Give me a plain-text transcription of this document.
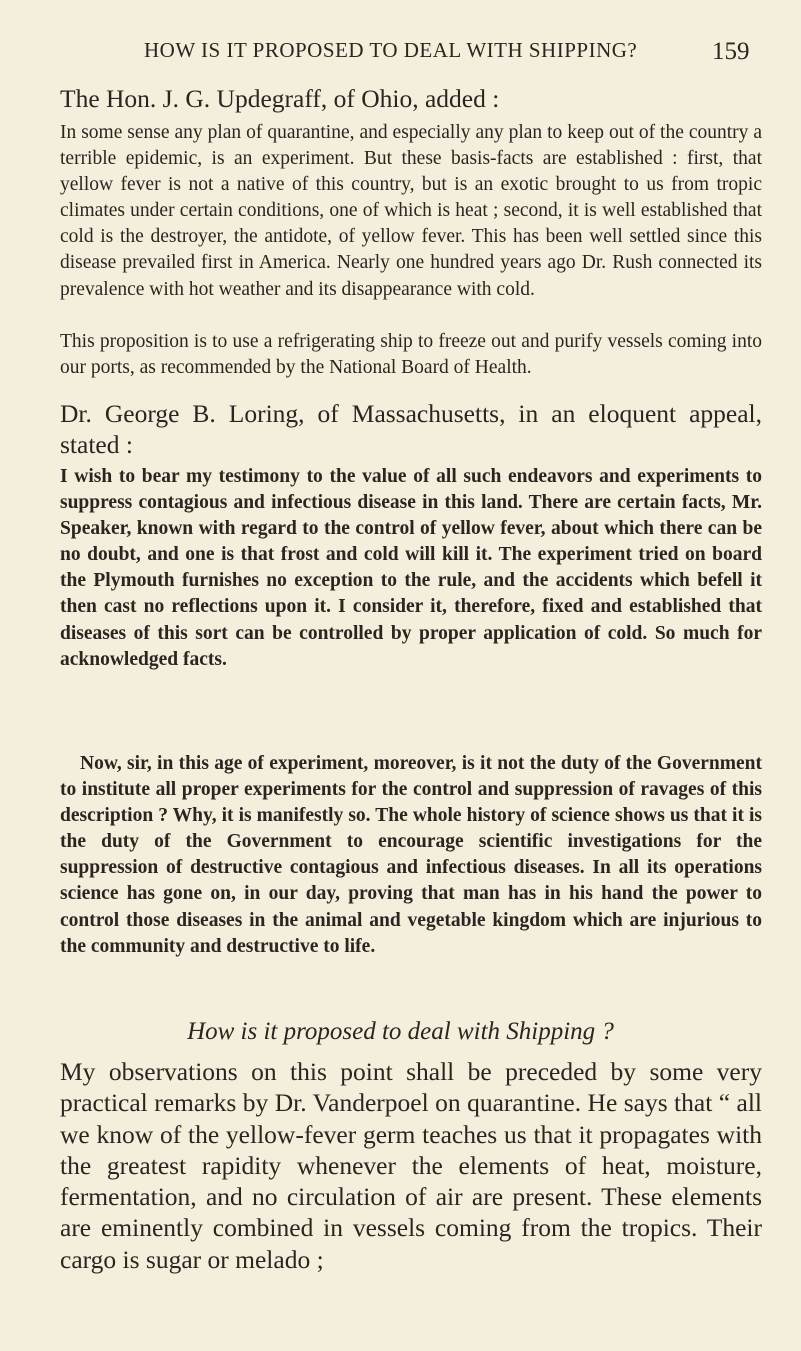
HOW IS IT PROPOSED TO DEAL WITH SHIPPING?	159

The Hon. J. G. Updegraff, of Ohio, added :

In some sense any plan of quarantine, and especially any plan to keep out of the country a terrible epidemic, is an experiment. But these basis-facts are established : first, that yellow fever is not a native of this country, but is an exotic brought to us from tropic climates under certain conditions, one of which is heat ; second, it is well established that cold is the destroyer, the antidote, of yellow fever. This has been well settled since this disease prevailed first in America. Nearly one hundred years ago Dr. Rush connected its prevalence with hot weather and its disappearance with cold.

This proposition is to use a refrigerating ship to freeze out and purify vessels coming into our ports, as recommended by the National Board of Health.

Dr. George B. Loring, of Massachusetts, in an eloquent appeal, stated :

I wish to bear my testimony to the value of all such endeavors and experiments to suppress contagious and infectious disease in this land. There are certain facts, Mr. Speaker, known with regard to the control of yellow fever, about which there can be no doubt, and one is that frost and cold will kill it. The experiment tried on board the Plymouth furnishes no exception to the rule, and the accidents which befell it then cast no reflections upon it. I consider it, therefore, fixed and established that diseases of this sort can be controlled by proper application of cold. So much for acknowledged facts.

Now, sir, in this age of experiment, moreover, is it not the duty of the Government to institute all proper experiments for the control and suppression of ravages of this description ? Why, it is manifestly so. The whole history of science shows us that it is the duty of the Government to encourage scientific investigations for the suppression of destructive contagious and infectious diseases. In all its operations science has gone on, in our day, proving that man has in his hand the power to control those diseases in the animal and vegetable kingdom which are injurious to the community and destructive to life.

How is it proposed to deal with Shipping ?

My observations on this point shall be preceded by some very practical remarks by Dr. Vanderpoel on quarantine. He says that “ all we know of the yellow-fever germ teaches us that it propagates with the greatest rapidity whenever the elements of heat, moisture, fermentation, and no circulation of air are present. These elements are eminently combined in vessels coming from the tropics. Their cargo is sugar or melado ;
